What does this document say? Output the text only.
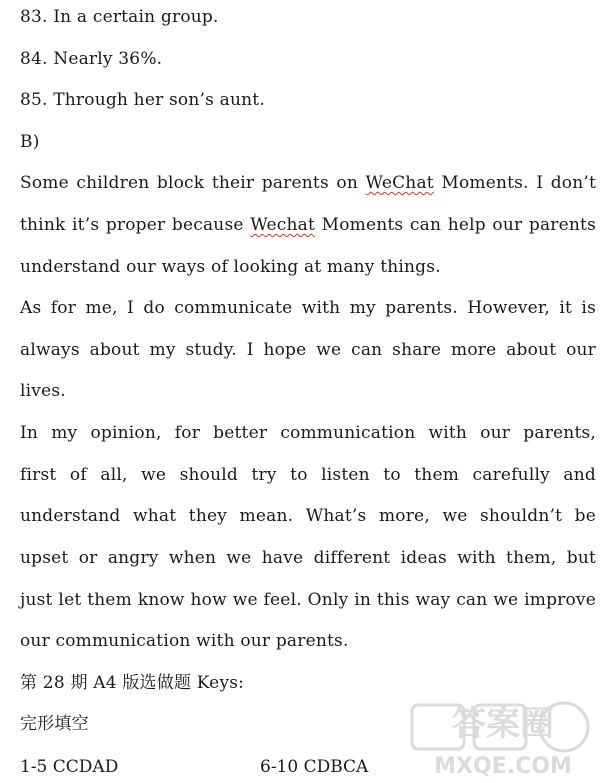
83. In a certain group.
84. Nearly 36%.
85. Through her son’s aunt.
B)
Some children block their parents on WeChat Moments. I don’t
think it’s proper because Wechat Moments can help our parents
understand our ways of looking at many things.
As for me, I do communicate with my parents. However, it is
always about my study. I hope we can share more about our
lives.
In my opinion, for better communication with our parents,
first of all, we should try to listen to them carefully and
understand what they mean. What’s more, we shouldn’t be
upset or angry when we have different ideas with them, but
just let them know how we feel. Only in this way can we improve
our communication with our parents.
第 28 期 A4 版选做题 Keys:
完形填空
1-5 CCDAD	6-10 CDBCA
答案圈
MXQE.COM
